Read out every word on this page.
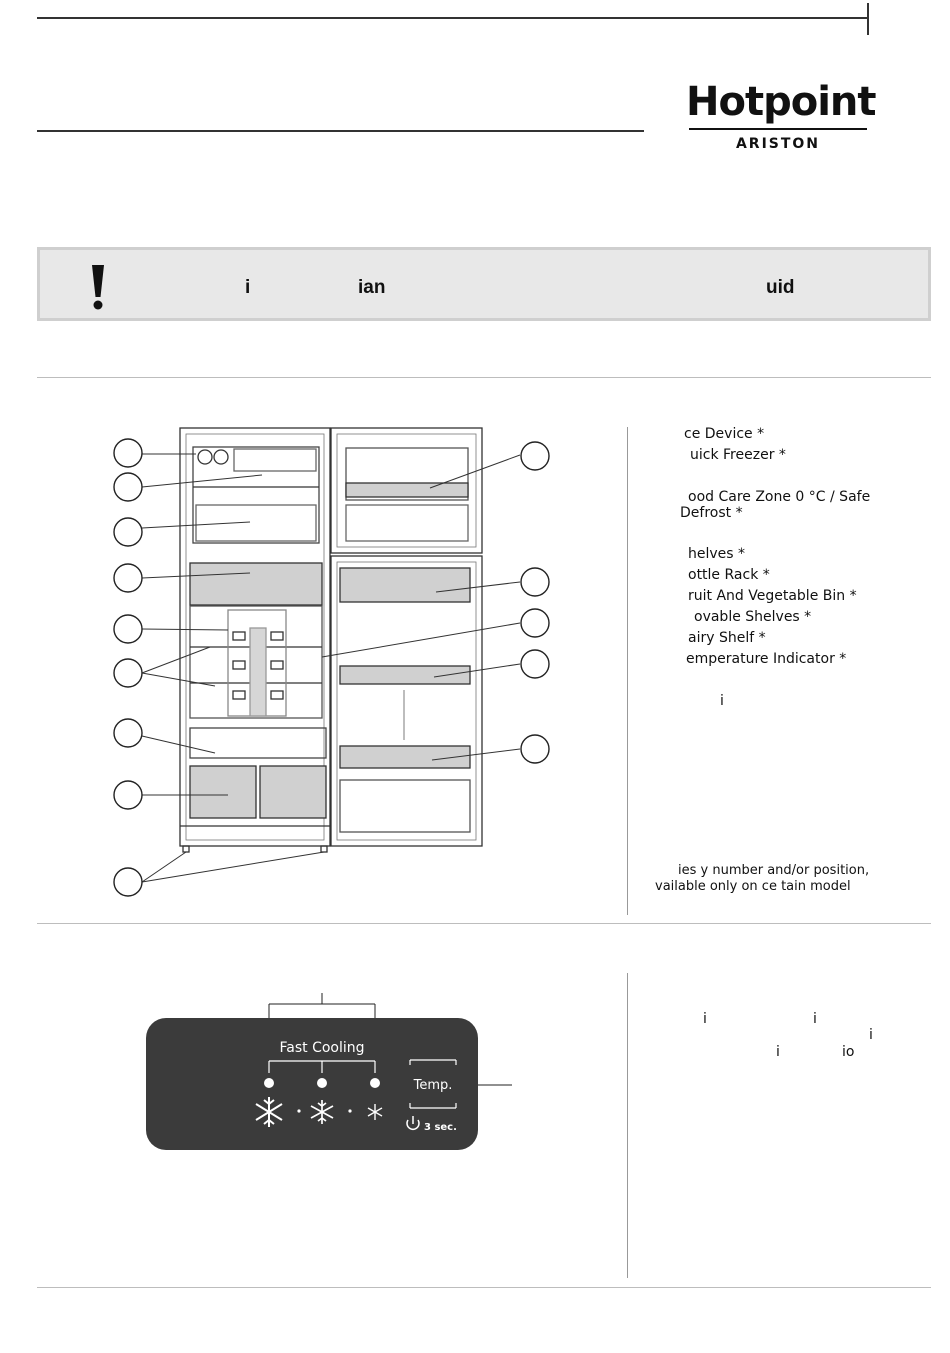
Hotpoint
ARISTON
i	ian	uid
ce Device *
uick Freezer *
ood Care Zone 0 °C / Safe
Defrost *
helves *
ottle Rack *
ruit And Vegetable Bin *
ovable Shelves *
airy Shelf *
emperature Indicator *
i
ies y number and/or position,
vailable only on ce tain model
Fast Cooling
Temp.
3 sec.
i	i
i
i	io
